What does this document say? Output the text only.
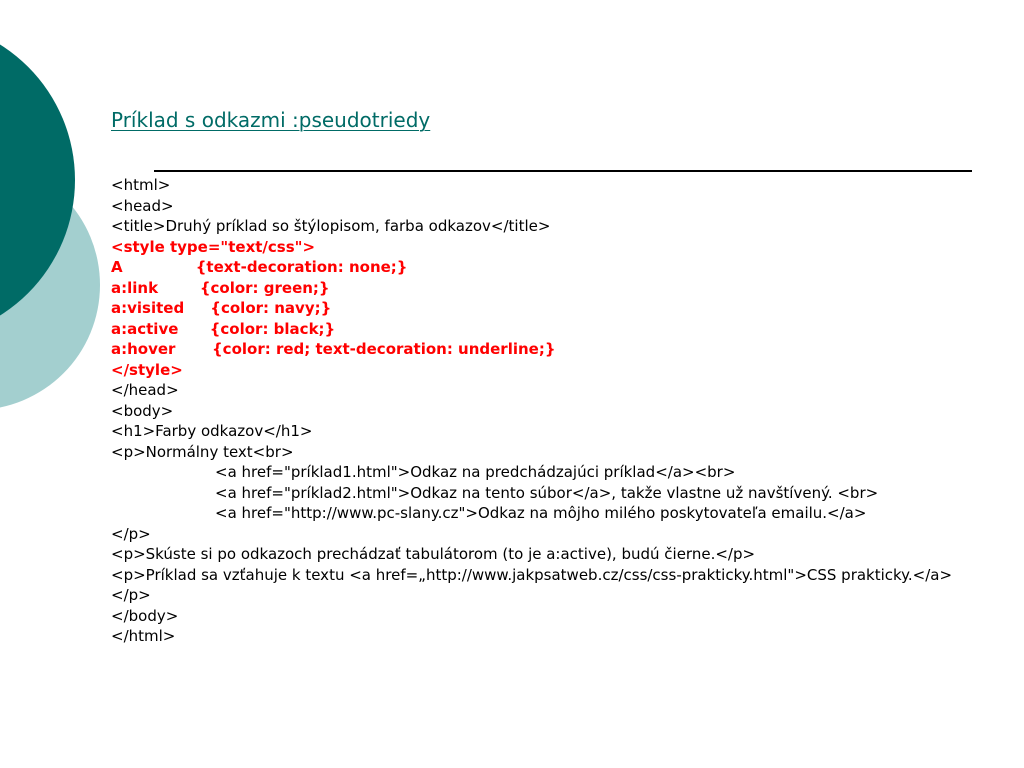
Príklad s odkazmi :pseudotriedy
<html>
<head>
<title>Druhý príklad so štýlopisom, farba odkazov</title>
<style type="text/css">
A              {text-decoration: none;}
a:link        {color: green;}
a:visited     {color: navy;}
a:active      {color: black;}
a:hover       {color: red; text-decoration: underline;}
</style>
</head>
<body>
<h1>Farby odkazov</h1>
<p>Normálny text<br>
<a href="príklad1.html">Odkaz na predchádzajúci príklad</a><br>
<a href="príklad2.html">Odkaz na tento súbor</a>, takže vlastne už navštívený. <br>
<a href="http://www.pc-slany.cz">Odkaz na môjho milého poskytovateľa emailu.</a>
</p>
<p>Skúste si po odkazoch prechádzať tabulátorom (to je a:active), budú čierne.</p>
<p>Príklad sa vzťahuje k textu <a href=„http://www.jakpsatweb.cz/css/css-prakticky.html">CSS prakticky.</a></p>
</body>
</html>
